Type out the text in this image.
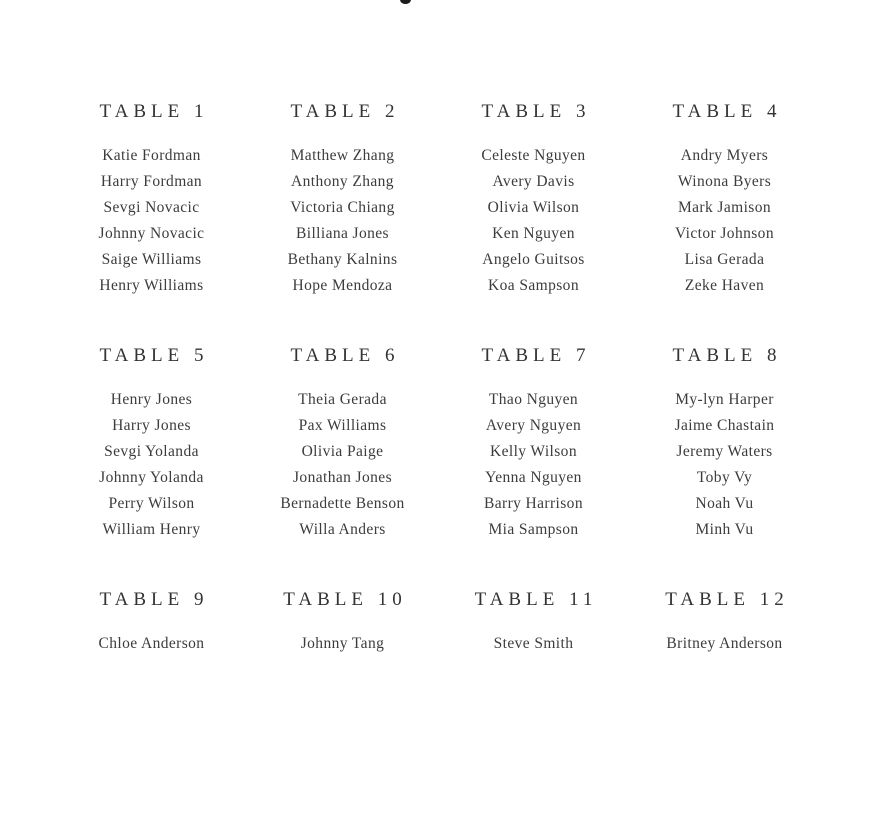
TABLE 1
Katie Fordman
Harry Fordman
Sevgi Novacic
Johnny Novacic
Saige Williams
Henry Williams
TABLE 2
Matthew Zhang
Anthony Zhang
Victoria Chiang
Billiana Jones
Bethany Kalnins
Hope Mendoza
TABLE 3
Celeste Nguyen
Avery Davis
Olivia Wilson
Ken Nguyen
Angelo Guitsos
Koa Sampson
TABLE 4
Andry Myers
Winona Byers
Mark Jamison
Victor Johnson
Lisa Gerada
Zeke Haven
TABLE 5
Henry Jones
Harry Jones
Sevgi Yolanda
Johnny Yolanda
Perry Wilson
William Henry
TABLE 6
Theia Gerada
Pax Williams
Olivia Paige
Jonathan Jones
Bernadette Benson
Willa Anders
TABLE 7
Thao Nguyen
Avery Nguyen
Kelly Wilson
Yenna Nguyen
Barry Harrison
Mia Sampson
TABLE 8
My-lyn Harper
Jaime Chastain
Jeremy Waters
Toby Vy
Noah Vu
Minh Vu
TABLE 9
Chloe Anderson
TABLE 10
Johnny Tang
TABLE 11
Steve Smith
TABLE 12
Britney Anderson
